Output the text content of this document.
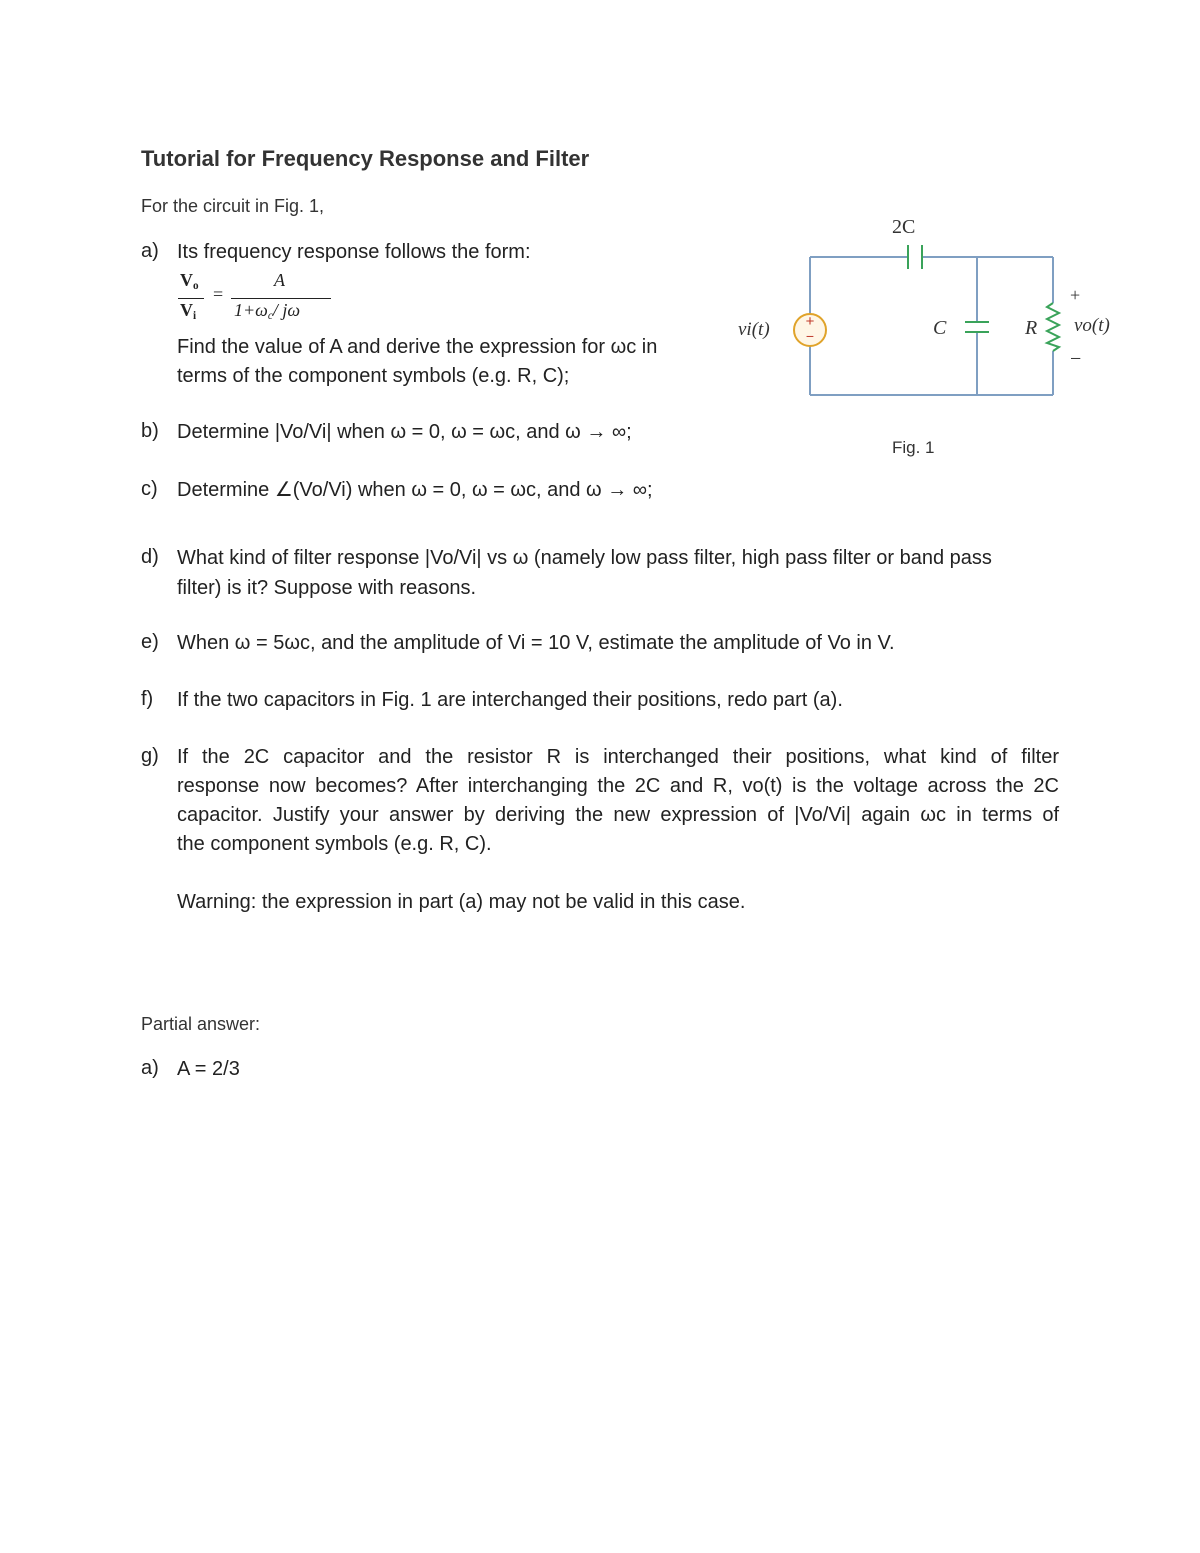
Tutorial for Frequency Response and Filter
For the circuit in Fig. 1,
a) Its frequency response follows the form:
$V_o$
$V_i$
=
A
$1+\omega_c/$ jω
Find the value of A and derive the expression for ωc in
terms of the component symbols (e.g. R, C);
b) Determine |Vo/Vi| when ω = 0, ω = ωc, and ω → ∞;
c) Determine ∠(Vo/Vi) when ω = 0, ω = ωc, and ω → ∞;
d) What kind of filter response |Vo/Vi| vs ω (namely low pass filter, high pass filter or band pass
filter) is it? Suppose with reasons.
e) When ω = 5ωc, and the amplitude of Vi = 10 V, estimate the amplitude of Vo in V.
f) If the two capacitors in Fig. 1 are interchanged their positions, redo part (a).
g) If the 2C capacitor and the resistor R is interchanged their positions, what kind of filter
response now becomes? After interchanging the 2C and R, vo(t) is the voltage across the 2C
capacitor. Justify your answer by deriving the new expression of |Vo/Vi| again ωc in terms of
the component symbols (e.g. R, C).
Warning: the expression in part (a) may not be valid in this case.
+
−
2C
C	R
vi(t)	vo(t)
+
−
Fig. 1
Partial answer:
a) A = 2/3
